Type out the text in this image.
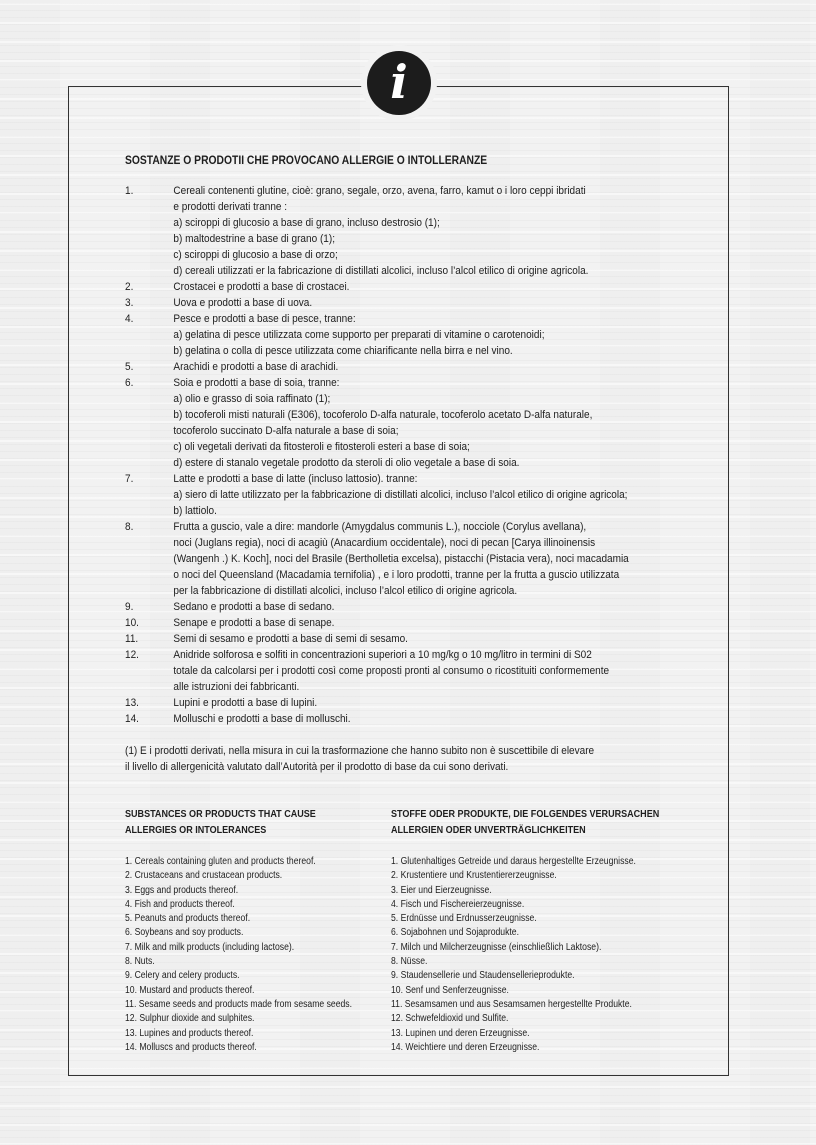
i
SOSTANZE O PRODOTII CHE PROVOCANO ALLERGIE O INTOLLERANZE
1.	Cereali contenenti glutine, cioè: grano, segale, orzo, avena, farro, kamut o i loro ceppi ibridati
e prodotti derivati tranne :
a) sciroppi di glucosio a base di grano, incluso destrosio (1);
b) maltodestrine a base di grano (1);
c) sciroppi di glucosio a base di orzo;
d) cereali utilizzati er la fabricazione di distillati alcolici, incluso l’alcol etilico di origine agricola.
2.	Crostacei e prodotti a base di crostacei.
3.	Uova e prodotti a base di uova.
4.	Pesce e prodotti a base di pesce, tranne:
a) gelatina di pesce utilizzata come supporto per preparati di vitamine o carotenoidi;
b) gelatina o colla di pesce utilizzata come chiarificante nella birra e nel vino.
5.	Arachidi e prodotti a base di arachidi.
6.	Soia e prodotti a base di soia, tranne:
a) olio e grasso di soia raffinato (1);
b) tocoferoli misti naturali (E306), tocoferolo D-alfa naturale, tocoferolo acetato D-alfa naturale,
tocoferolo succinato D-alfa naturale a base di soia;
c) oli vegetali derivati da fitosteroli e fitosteroli esteri a base di soia;
d) estere di stanalo vegetale prodotto da steroli di olio vegetale a base di soia.
7.	Latte e prodotti a base di latte (incluso lattosio). tranne:
a) siero di latte utilizzato per la fabbricazione di distillati alcolici, incluso l’alcol etilico di origine agricola;
b) lattiolo.
8.	Frutta a guscio, vale a dire: mandorle (Amygdalus communis L.), nocciole (Corylus avellana),
noci (Juglans regia), noci di acagiù (Anacardium occidentale), noci di pecan [Carya illinoinensis
(Wangenh .) K. Koch], noci del Brasile (Bertholletia excelsa), pistacchi (Pistacia vera), noci macadamia
o noci del Queensland (Macadamia ternifolia) , e i loro prodotti, tranne per la frutta a guscio utilizzata
per la fabbricazione di distillati alcolici, incluso l’alcol etilico di origine agricola.
9.	Sedano e prodotti a base di sedano.
10.	Senape e prodotti a base di senape.
11.	Semi di sesamo e prodotti a base di semi di sesamo.
12.	Anidride solforosa e solfiti in concentrazioni superiori a 10 mg/kg o 10 mg/litro in termini di S02
totale da calcolarsi per i prodotti così come proposti pronti al consumo o ricostituiti conformemente
alle istruzioni dei fabbricanti.
13.	Lupini e prodotti a base di lupini.
14.	Molluschi e prodotti a base di molluschi.
(1) E i prodotti derivati, nella misura in cui la trasformazione che hanno subito non è suscettibile di elevare
il livello di allergenicità valutato dall’Autorità per il prodotto di base da cui sono derivati.
SUBSTANCES OR PRODUCTS THAT CAUSE
ALLERGIES OR INTOLERANCES
1. Cereals containing gluten and products thereof.
2. Crustaceans and crustacean products.
3. Eggs and products thereof.
4. Fish and products thereof.
5. Peanuts and products thereof.
6. Soybeans and soy products.
7. Milk and milk products (including lactose).
8. Nuts.
9. Celery and celery products.
10. Mustard and products thereof.
11. Sesame seeds and products made from sesame seeds.
12. Sulphur dioxide and sulphites.
13. Lupines and products thereof.
14. Molluscs and products thereof.
STOFFE ODER PRODUKTE, DIE FOLGENDES VERURSACHEN
ALLERGIEN ODER UNVERTRÄGLICHKEITEN
1. Glutenhaltiges Getreide und daraus hergestellte Erzeugnisse.
2. Krustentiere und Krustentiererzeugnisse.
3. Eier und Eierzeugnisse.
4. Fisch und Fischereierzeugnisse.
5. Erdnüsse und Erdnusserzeugnisse.
6. Sojabohnen und Sojaprodukte.
7. Milch und Milcherzeugnisse (einschließlich Laktose).
8. Nüsse.
9. Staudensellerie und Staudenselleriep​rodukte.
10. Senf und Senferzeugnisse.
11. Sesamsamen und aus Sesamsamen hergestellte Produkte.
12. Schwefeldioxid und Sulfite.
13. Lupinen und deren Erzeugnisse.
14. Weichtiere und deren Erzeugnisse.
